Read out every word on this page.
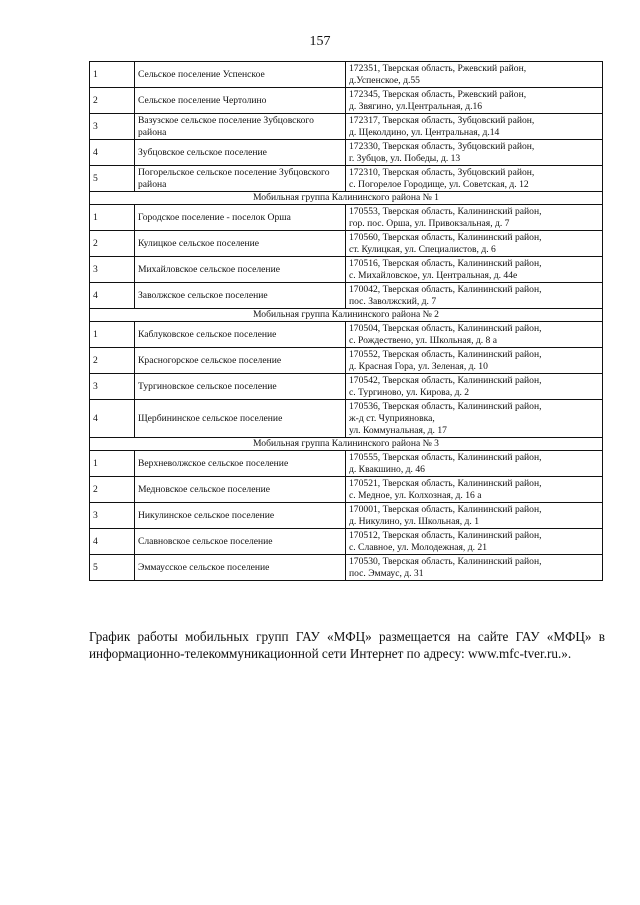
157
1	Сельское поселение Успенское	172351, Тверская область, Ржевский район,
д.Успенское, д.55

2	Сельское поселение Чертолино	172345, Тверская область, Ржевский район,
д. Звягино, ул.Центральная, д.16

3	Вазузское сельское поселение Зубцовского района	172317, Тверская область, Зубцовский район,
д. Щеколдино, ул. Центральная, д.14

4	Зубцовское сельское поселение	172330, Тверская область, Зубцовский район,
г. Зубцов, ул. Победы, д. 13

5	Погорельское сельское поселение Зубцовского района	172310, Тверская область, Зубцовский район,
с. Погорелое Городище, ул. Советская, д. 12

Мобильная группа Калининского района № 1		
1	Городское поселение - поселок Орша	170553, Тверская область, Калининский район,
гор. пос. Орша, ул. Привокзальная, д. 7

2	Кулицкое сельское поселение	170560, Тверская область, Калининский район,
ст. Кулицкая, ул. Специалистов, д. 6

3	Михайловское сельское поселение	170516, Тверская область, Калининский район,
с. Михайловское, ул. Центральная, д. 44е

4	Заволжское сельское поселение	170042, Тверская область, Калининский район,
пос. Заволжский, д. 7

Мобильная группа Калининского района № 2		
1	Каблуковское сельское поселение	170504, Тверская область, Калининский район,
с. Рождествено, ул. Школьная, д. 8 а

2	Красногорское сельское поселение	170552, Тверская область, Калининский район,
д. Красная Гора, ул. Зеленая, д. 10

3	Тургиновское сельское поселение	170542, Тверская область, Калининский район,
с. Тургиново, ул. Кирова, д. 2

4	Щербининское сельское поселение	170536, Тверская область, Калининский район,
ж-д ст. Чуприяновка,
ул. Коммунальная, д. 17

Мобильная группа Калининского района № 3		
1	Верхневолжское сельское поселение	170555, Тверская область, Калининский район,
д. Квакшино, д. 46

2	Медновское сельское поселение	170521, Тверская область, Калининский район,
с. Медное, ул. Колхозная, д. 16 а

3	Никулинское сельское поселение	170001, Тверская область, Калининский район,
д. Никулино, ул. Школьная, д. 1

4	Славновское сельское поселение	170512, Тверская область, Калининский район,
с. Славное, ул. Молодежная, д. 21

5	Эммаусское сельское поселение	170530, Тверская область, Калининский район,
пос. Эммаус, д. 31
График работы мобильных групп ГАУ «МФЦ» размещается на сайте ГАУ «МФЦ» в
информационно-телекоммуникационной сети Интернет по адресу: www.mfc-tver.ru.».
